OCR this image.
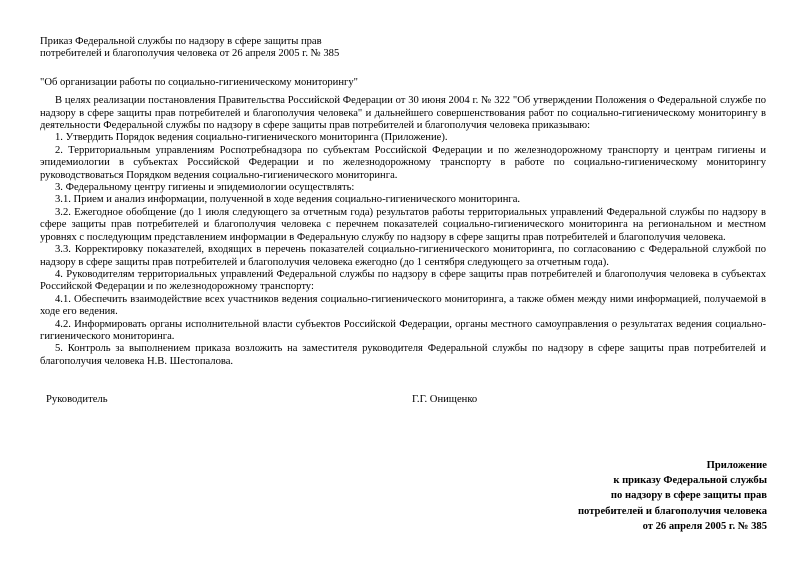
Приказ Федеральной службы по надзору в сфере защиты прав
потребителей и благополучия человека от 26 апреля 2005 г. № 385

"Об организации работы по социально-гигиеническому мониторингу"

В целях реализации постановления Правительства Российской Федерации от 30 июня 2004 г. № 322 "Об утверждении Положения о Федеральной службе по надзору в сфере защиты прав потребителей и благополучия человека" и дальнейшего совершенствования работ по социально-гигиеническому мониторингу в деятельности Федеральной службы по надзору в сфере защиты прав потребителей и благополучия человека приказываю:

1. Утвердить Порядок ведения социально-гигиенического мониторинга (Приложение).

2. Территориальным управлениям Роспотребнадзора по субъектам Российской Федерации и по железнодорожному транспорту и центрам гигиены и эпидемиологии в субъектах Российской Федерации и по железнодорожному транспорту в работе по социально-гигиеническому мониторингу руководствоваться Порядком ведения социально-гигиенического мониторинга.

3. Федеральному центру гигиены и эпидемиологии осуществлять:

3.1. Прием и анализ информации, полученной в ходе ведения социально-гигиенического мониторинга.

3.2. Ежегодное обобщение (до 1 июля следующего за отчетным года) результатов работы территориальных управлений Федеральной службы по надзору в сфере защиты прав потребителей и благополучия человека с перечнем показателей социально-гигиенического мониторинга на региональном и местном уровнях с последующим представлением информации в Федеральную службу по надзору в сфере защиты прав потребителей и благополучия человека.

3.3. Корректировку показателей, входящих в перечень показателей социально-гигиенического мониторинга, по согласованию с Федеральной службой по надзору в сфере защиты прав потребителей и благополучия человека ежегодно (до 1 сентября следующего за отчетным года).

4. Руководителям территориальных управлений Федеральной службы по надзору в сфере защиты прав потребителей и благополучия человека в субъектах Российской Федерации и по железнодорожному транспорту:

4.1. Обеспечить взаимодействие всех участников ведения социально-гигиенического мониторинга, а также обмен между ними информацией, получаемой в ходе его ведения.

4.2. Информировать органы исполнительной власти субъектов Российской Федерации, органы местного самоуправления о результатах ведения социально-гигиенического мониторинга.

5. Контроль за выполнением приказа возложить на заместителя руководителя Федеральной службы по надзору в сфере защиты прав потребителей и благополучия человека Н.В. Шестопалова.

Руководитель	Г.Г. Онищенко
Приложение
к приказу Федеральной службы
по надзору в сфере защиты прав
потребителей и благополучия человека
от 26 апреля 2005 г. № 385
